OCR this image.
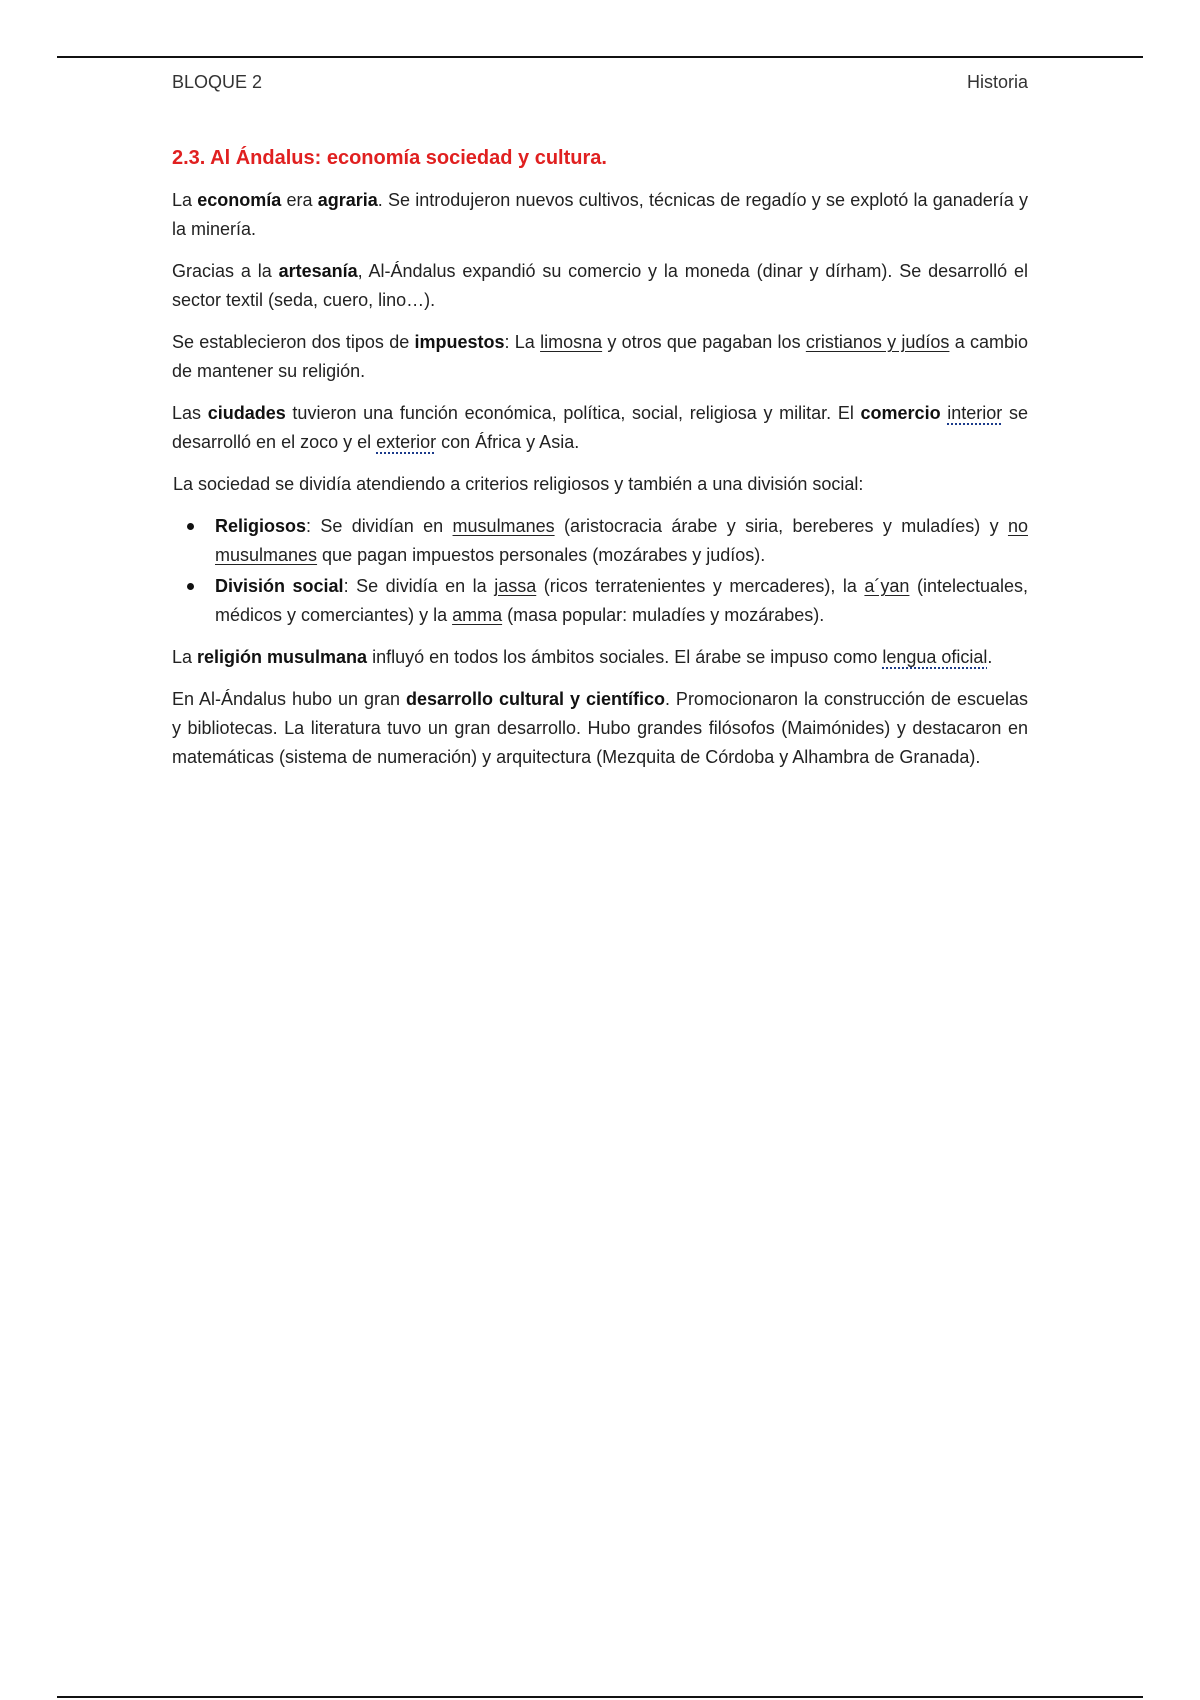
BLOQUE 2	Historia
2.3. Al Ándalus: economía sociedad y cultura.

La economía era agraria. Se introdujeron nuevos cultivos, técnicas de regadío y se explotó la ganadería y la minería.

Gracias a la artesanía, Al-Ándalus expandió su comercio y la moneda (dinar y dírham). Se desarrolló el sector textil (seda, cuero, lino…).

Se establecieron dos tipos de impuestos: La limosna y otros que pagaban los cristianos y judíos a cambio de mantener su religión.

Las ciudades tuvieron una función económica, política, social, religiosa y militar. El comercio interior se desarrolló en el zoco y el exterior con África y Asia.

La sociedad se dividía atendiendo a criterios religiosos y también a una división social:

Religiosos: Se dividían en musulmanes (aristocracia árabe y siria, bereberes y muladíes) y no musulmanes que pagan impuestos personales (mozárabes y judíos).
División social: Se dividía en la jassa (ricos terratenientes y mercaderes), la a´yan (intelectuales, médicos y comerciantes) y la amma (masa popular: muladíes y mozárabes).

La religión musulmana influyó en todos los ámbitos sociales. El árabe se impuso como lengua oficial.

En Al-Ándalus hubo un gran desarrollo cultural y científico. Promocionaron la construcción de escuelas y bibliotecas. La literatura tuvo un gran desarrollo. Hubo grandes filósofos (Maimónides) y destacaron en matemáticas (sistema de numeración) y arquitectura (Mezquita de Córdoba y Alhambra de Granada).
